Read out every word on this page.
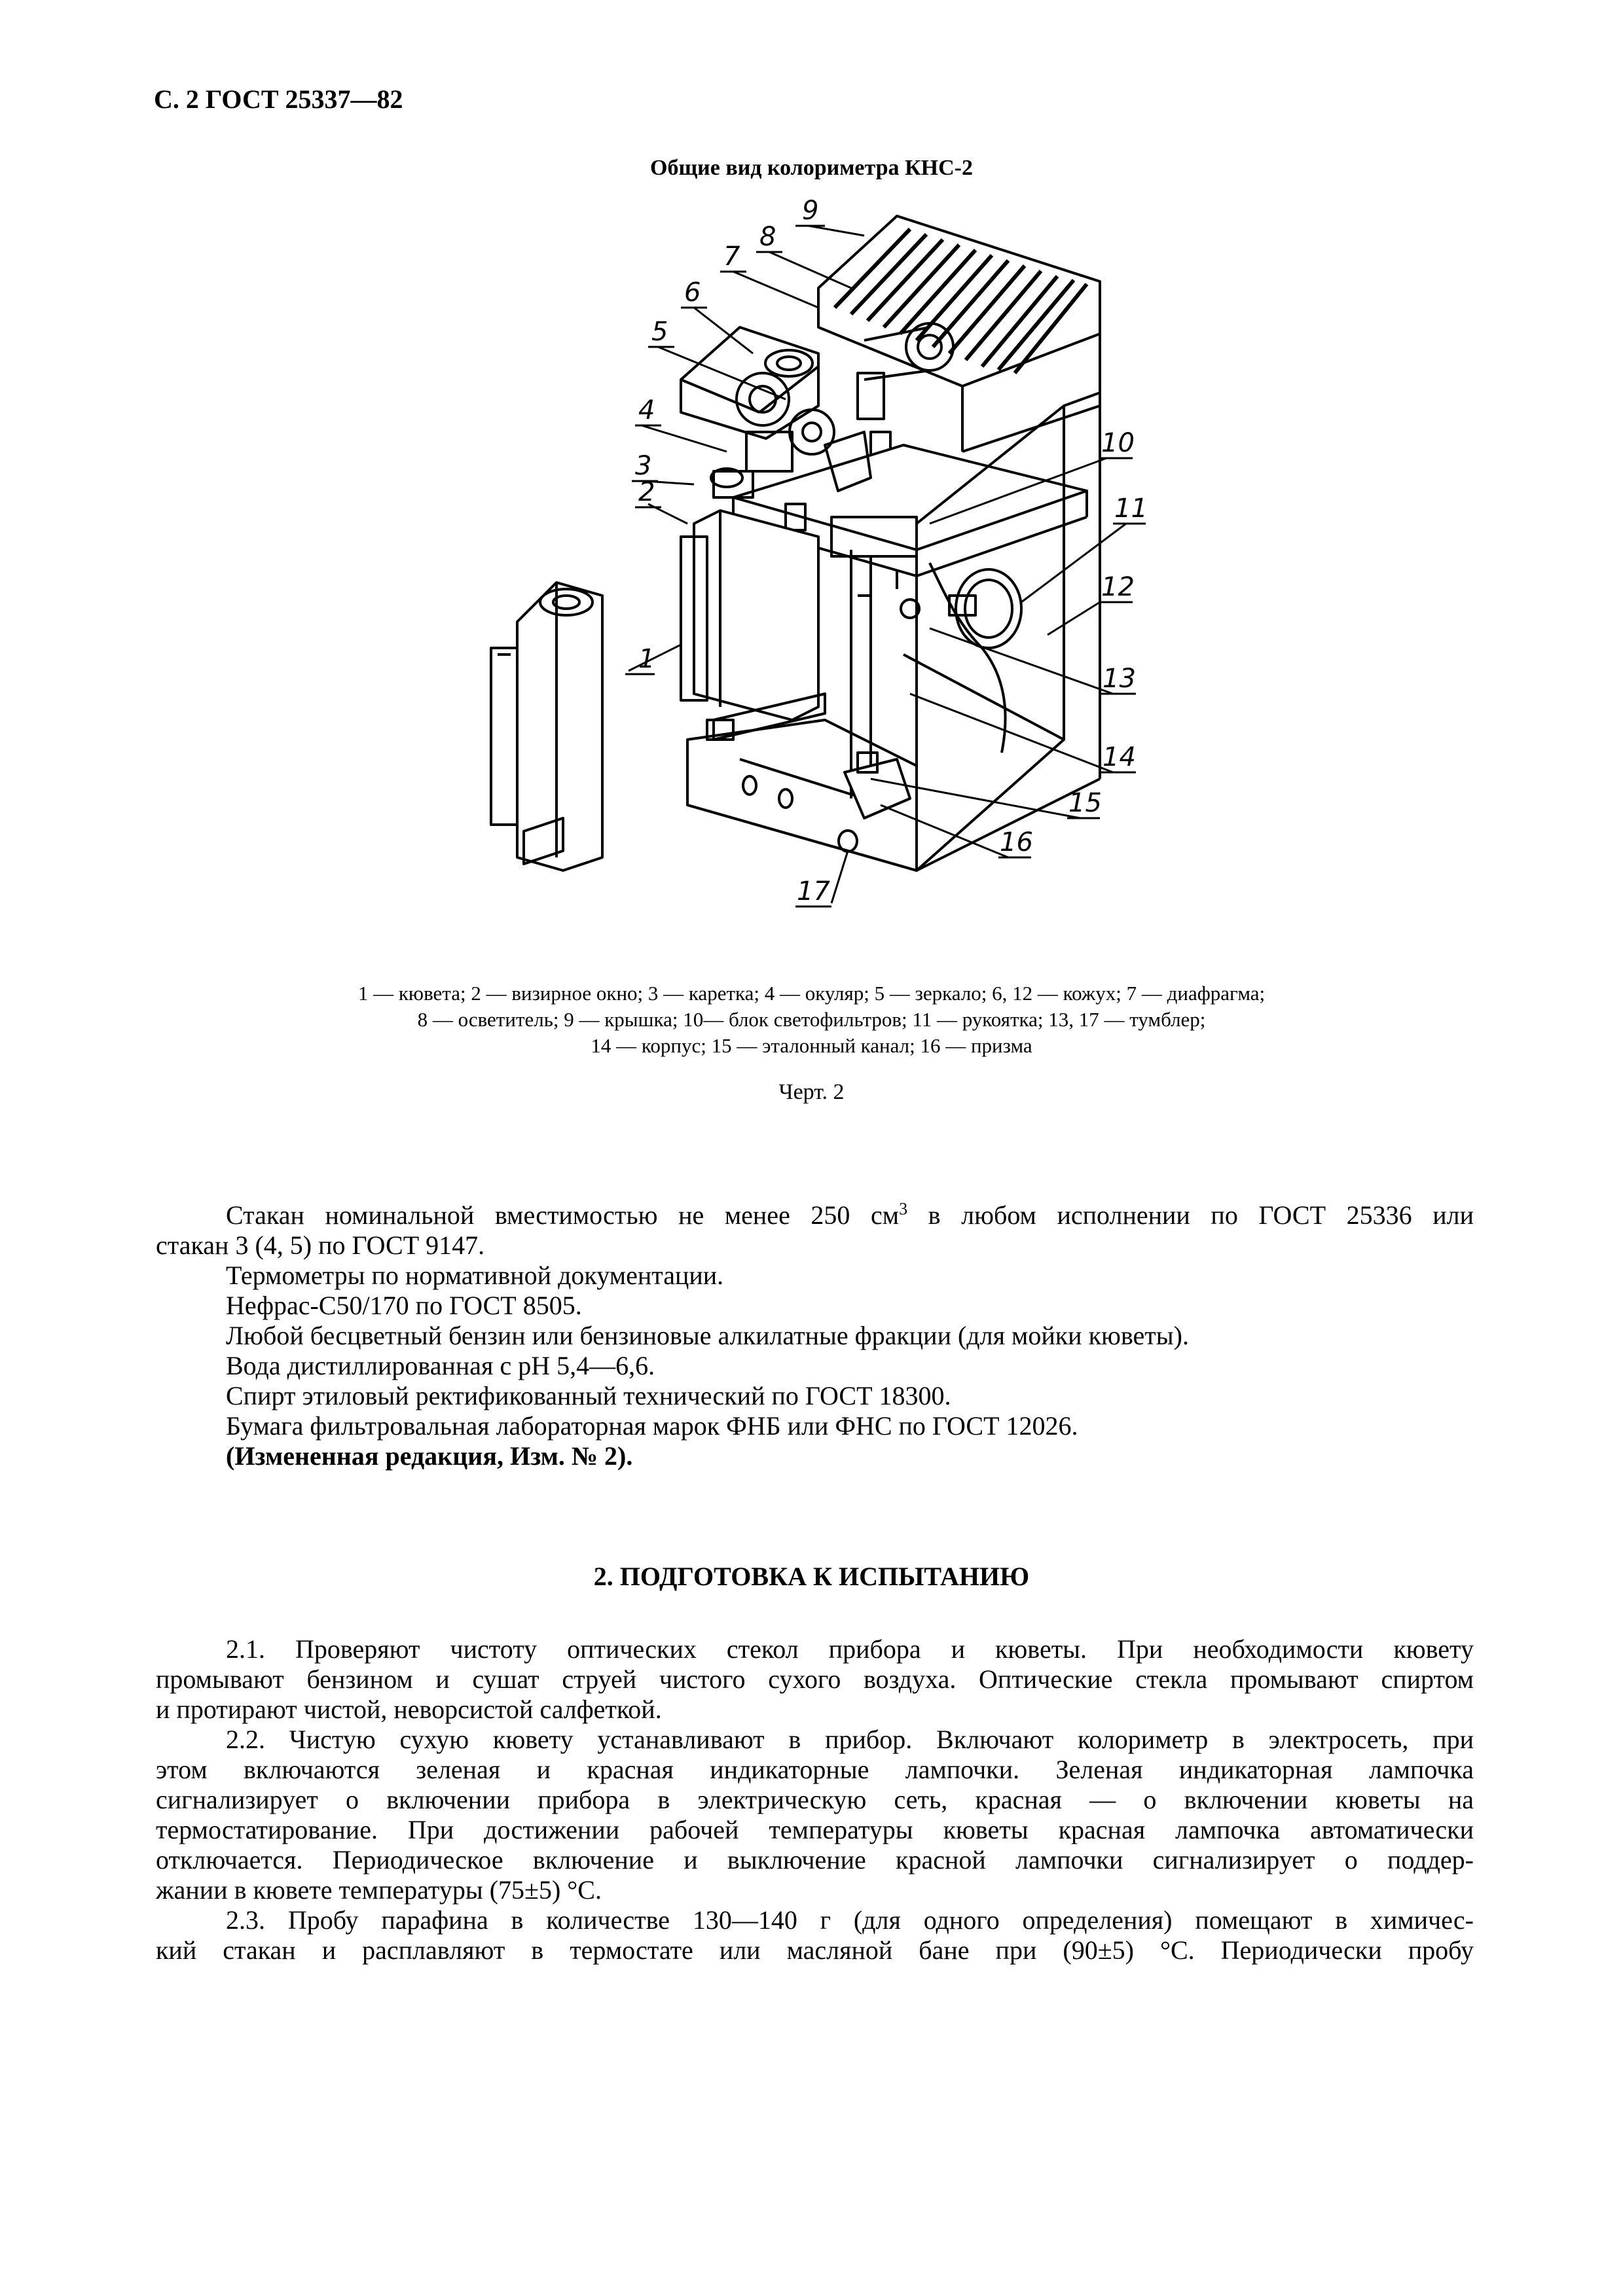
С. 2 ГОСТ 25337—82
Общие вид колориметра КНС-2
1
2
3
4
5
6
7
8
9
10
11
12
13
14
15
16
17
1 — кювета; 2 — визирное окно; 3 — каретка; 4 — окуляр; 5 — зеркало; 6, 12 — кожух; 7 — диафрагма;
8 — осветитель; 9 — крышка; 10— блок светофильтров; 11 — рукоятка; 13, 17 — тумблер;
14 — корпус; 15 — эталонный канал; 16 — призма
Черт. 2

Стакан номинальной вместимостью не менее 250 $см^3$ в любом исполнении по ГОСТ 25336 или

стакан 3 (4, 5) по ГОСТ 9147.

Термометры по нормативной документации.

Нефрас-С50/170 по ГОСТ 8505.

Любой бесцветный бензин или бензиновые алкилатные фракции (для мойки кюветы).

Вода дистиллированная с pH 5,4—6,6.

Спирт этиловый ректификованный технический по ГОСТ 18300.

Бумага фильтровальная лабораторная марок ФНБ или ФНС по ГОСТ 12026.

(Измененная редакция, Изм. № 2).

2. ПОДГОТОВКА К ИСПЫТАНИЮ

2.1. Проверяют чистоту оптических стекол прибора и кюветы. При необходимости кювету

промывают бензином и сушат струей чистого сухого воздуха. Оптические стекла промывают спиртом

и протирают чистой, неворсистой салфеткой.

2.2. Чистую сухую кювету устанавливают в прибор. Включают колориметр в электросеть, при

этом включаются зеленая и красная индикаторные лампочки. Зеленая индикаторная лампочка

сигнализирует о включении прибора в электрическую сеть, красная — о включении кюветы на

термостатирование. При достижении рабочей температуры кюветы красная лампочка автоматически

отключается. Периодическое включение и выключение красной лампочки сигнализирует о поддер-

жании в кювете температуры (75±5) °С.

2.3. Пробу парафина в количестве 130—140 г (для одного определения) помещают в химичес-

кий стакан и расплавляют в термостате или масляной бане при (90±5) °С. Периодически пробу
